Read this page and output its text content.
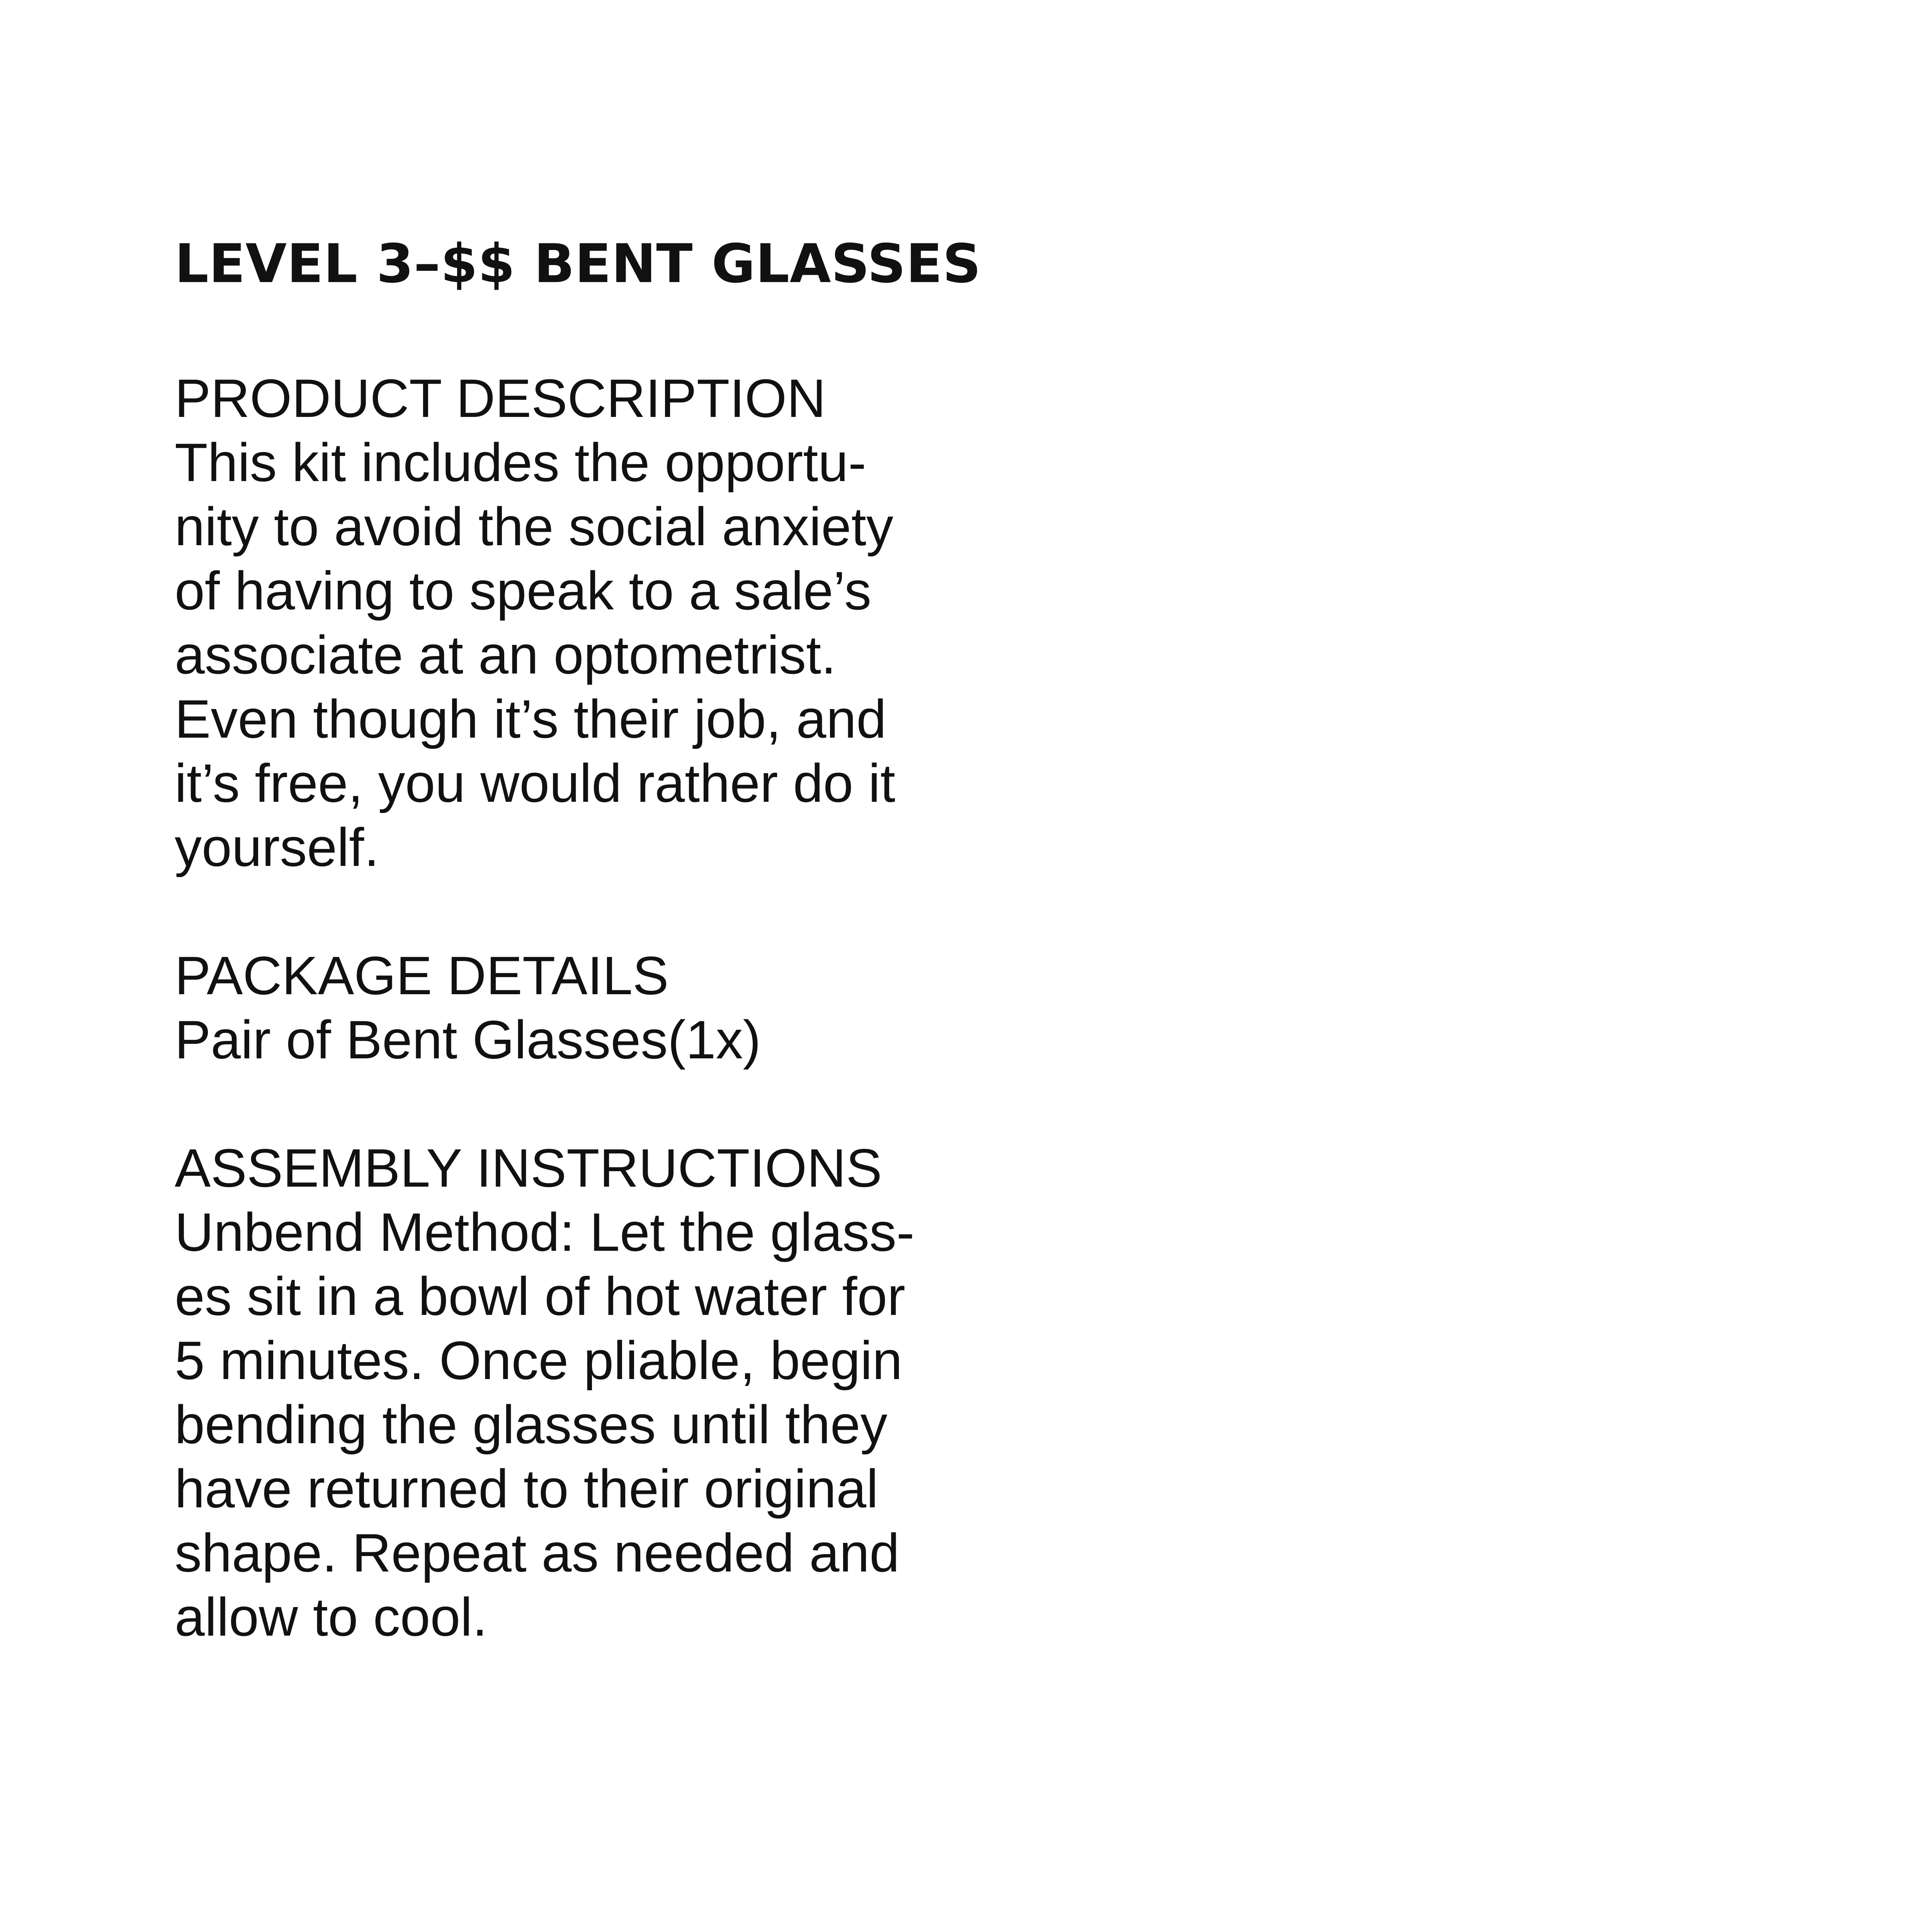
LEVEL 3–$$ BENT GLASSES
PRODUCT DESCRIPTION
This kit includes the opportu-
nity to avoid the social anxiety
of having to speak to a sale’s
associate at an optometrist.
Even though it’s their job, and
it’s free, you would rather do it
yourself.
PACKAGE DETAILS
Pair of Bent Glasses(1x)
ASSEMBLY INSTRUCTIONS
Unbend Method: Let the glass-
es sit in a bowl of hot water for
5 minutes. Once pliable, begin
bending the glasses until they
have returned to their original
shape. Repeat as needed and
allow to cool.
